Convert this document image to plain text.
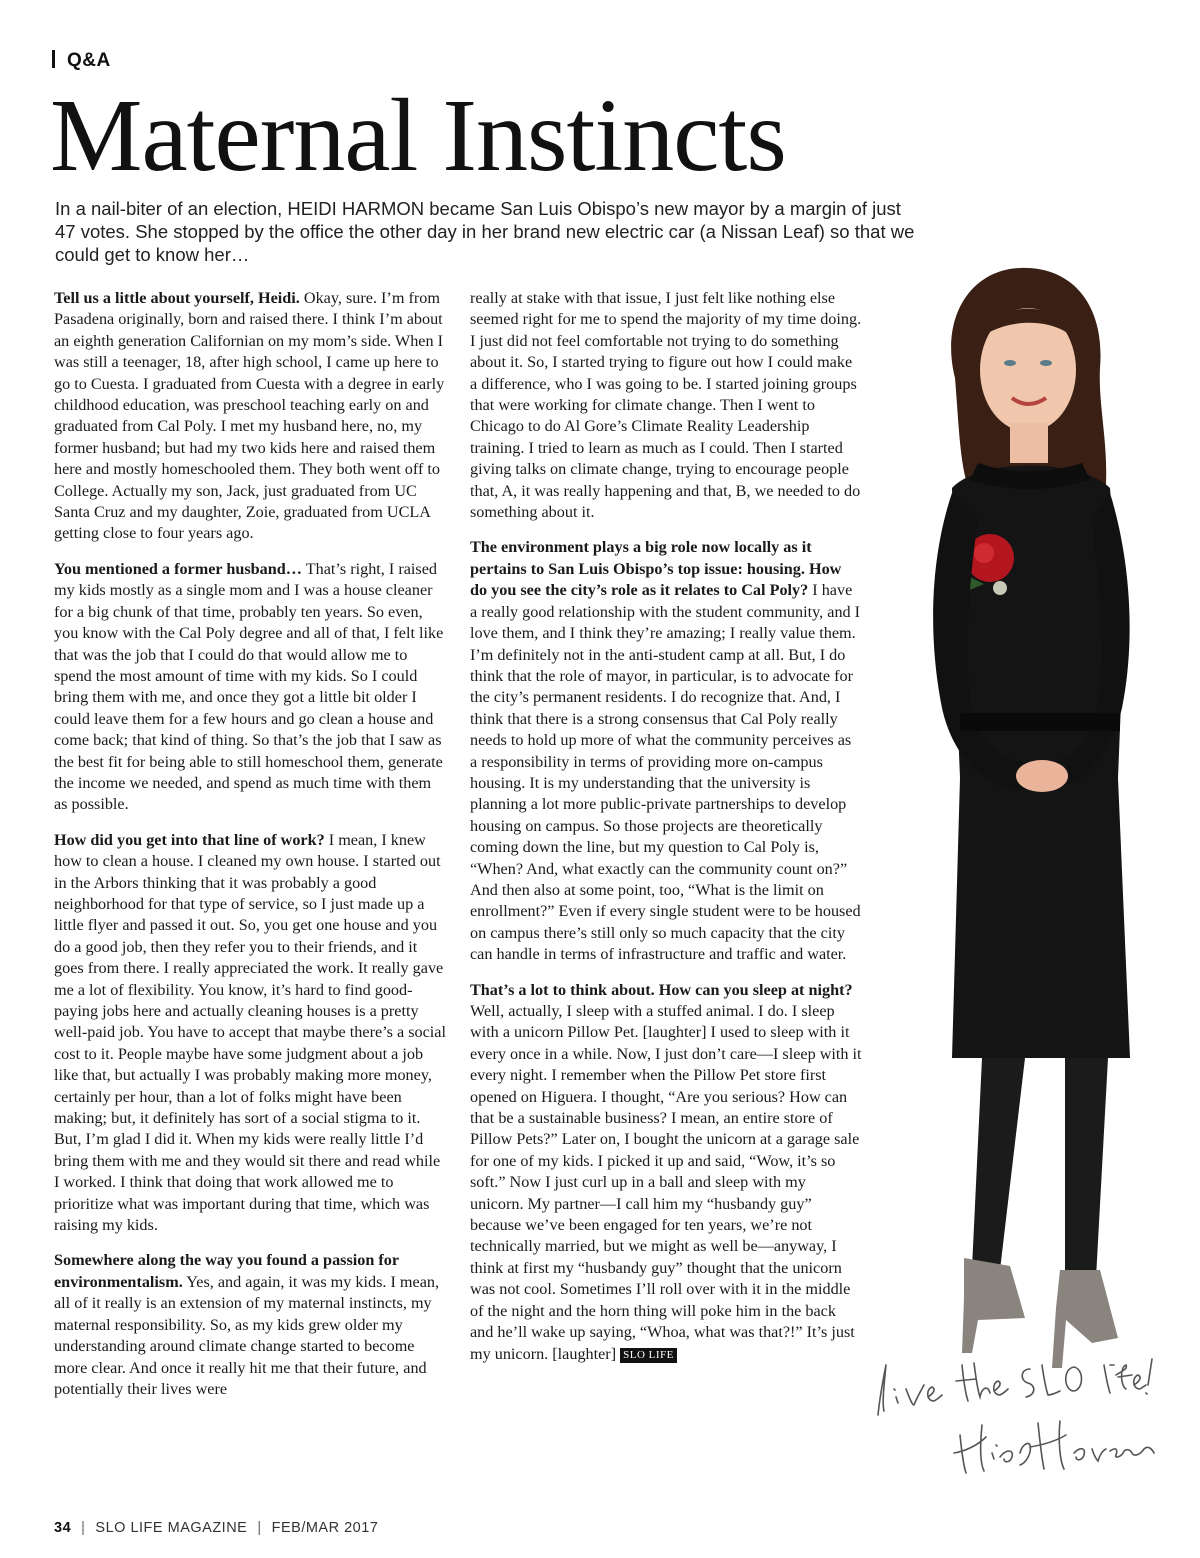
Q&A
Maternal Instincts

In a nail-biter of an election, HEIDI HARMON became San Luis Obispo’s new mayor by a margin of just 47 votes. She stopped by the office the other day in her brand new electric car (a Nissan Leaf) so that we could get to know her…

Tell us a little about yourself, Heidi. Okay, sure. I’m from Pasadena originally, born and raised there. I think I’m about an eighth generation Californian on my mom’s side. When I was still a teenager, 18, after high school, I came up here to go to Cuesta. I graduated from Cuesta with a degree in early childhood education, was preschool teaching early on and graduated from Cal Poly. I met my husband here, no, my former husband; but had my two kids here and raised them here and mostly homeschooled them. They both went off to College. Actually my son, Jack, just graduated from UC Santa Cruz and my daughter, Zoie, graduated from UCLA getting close to four years ago.

You mentioned a former husband… That’s right, I raised my kids mostly as a single mom and I was a house cleaner for a big chunk of that time, probably ten years. So even, you know with the Cal Poly degree and all of that, I felt like that was the job that I could do that would allow me to spend the most amount of time with my kids. So I could bring them with me, and once they got a little bit older I could leave them for a few hours and go clean a house and come back; that kind of thing. So that’s the job that I saw as the best fit for being able to still homeschool them, generate the income we needed, and spend as much time with them as possible.

How did you get into that line of work? I mean, I knew how to clean a house. I cleaned my own house. I started out in the Arbors thinking that it was probably a good neighborhood for that type of service, so I just made up a little flyer and passed it out. So, you get one house and you do a good job, then they refer you to their friends, and it goes from there. I really appreciated the work. It really gave me a lot of flexibility. You know, it’s hard to find good-paying jobs here and actually cleaning houses is a pretty well-paid job. You have to accept that maybe there’s a social cost to it. People maybe have some judgment about a job like that, but actually I was probably making more money, certainly per hour, than a lot of folks might have been making; but, it definitely has sort of a social stigma to it. But, I’m glad I did it. When my kids were really little I’d bring them with me and they would sit there and read while I worked. I think that doing that work allowed me to prioritize what was important during that time, which was raising my kids.

Somewhere along the way you found a passion for environmentalism. Yes, and again, it was my kids. I mean, all of it really is an extension of my maternal instincts, my maternal responsibility. So, as my kids grew older my understanding around climate change started to become more clear. And once it really hit me that their future, and potentially their lives were

really at stake with that issue, I just felt like nothing else seemed right for me to spend the majority of my time doing. I just did not feel comfortable not trying to do something about it. So, I started trying to figure out how I could make a difference, who I was going to be. I started joining groups that were working for climate change. Then I went to Chicago to do Al Gore’s Climate Reality Leadership training. I tried to learn as much as I could. Then I started giving talks on climate change, trying to encourage people that, A, it was really happening and that, B, we needed to do something about it.

The environment plays a big role now locally as it pertains to San Luis Obispo’s top issue: housing. How do you see the city’s role as it relates to Cal Poly? I have a really good relationship with the student community, and I love them, and I think they’re amazing; I really value them. I’m definitely not in the anti-student camp at all. But, I do think that the role of mayor, in particular, is to advocate for the city’s permanent residents. I do recognize that. And, I think that there is a strong consensus that Cal Poly really needs to hold up more of what the community perceives as a responsibility in terms of providing more on-campus housing. It is my understanding that the university is planning a lot more public-private partnerships to develop housing on campus. So those projects are theoretically coming down the line, but my question to Cal Poly is, “When? And, what exactly can the community count on?” And then also at some point, too, “What is the limit on enrollment?” Even if every single student were to be housed on campus there’s still only so much capacity that the city can handle in terms of infrastructure and traffic and water.

That’s a lot to think about. How can you sleep at night? Well, actually, I sleep with a stuffed animal. I do. I sleep with a unicorn Pillow Pet. [laughter] I used to sleep with it every once in a while. Now, I just don’t care—I sleep with it every night. I remember when the Pillow Pet store first opened on Higuera. I thought, “Are you serious? How can that be a sustainable business? I mean, an entire store of Pillow Pets?” Later on, I bought the unicorn at a garage sale for one of my kids. I picked it up and said, “Wow, it’s so soft.” Now I just curl up in a ball and sleep with my unicorn. My partner—I call him my “husbandy guy” because we’ve been engaged for ten years, we’re not technically married, but we might as well be—anyway, I think at first my “husbandy guy” thought that the unicorn was not cool. Sometimes I’ll roll over with it in the middle of the night and the horn thing will poke him in the back and he’ll wake up saying, “Whoa, what was that?!” It’s just my unicorn. [laughter] SLO LIFE

34 | SLO LIFE MAGAZINE | FEB/MAR 2017
